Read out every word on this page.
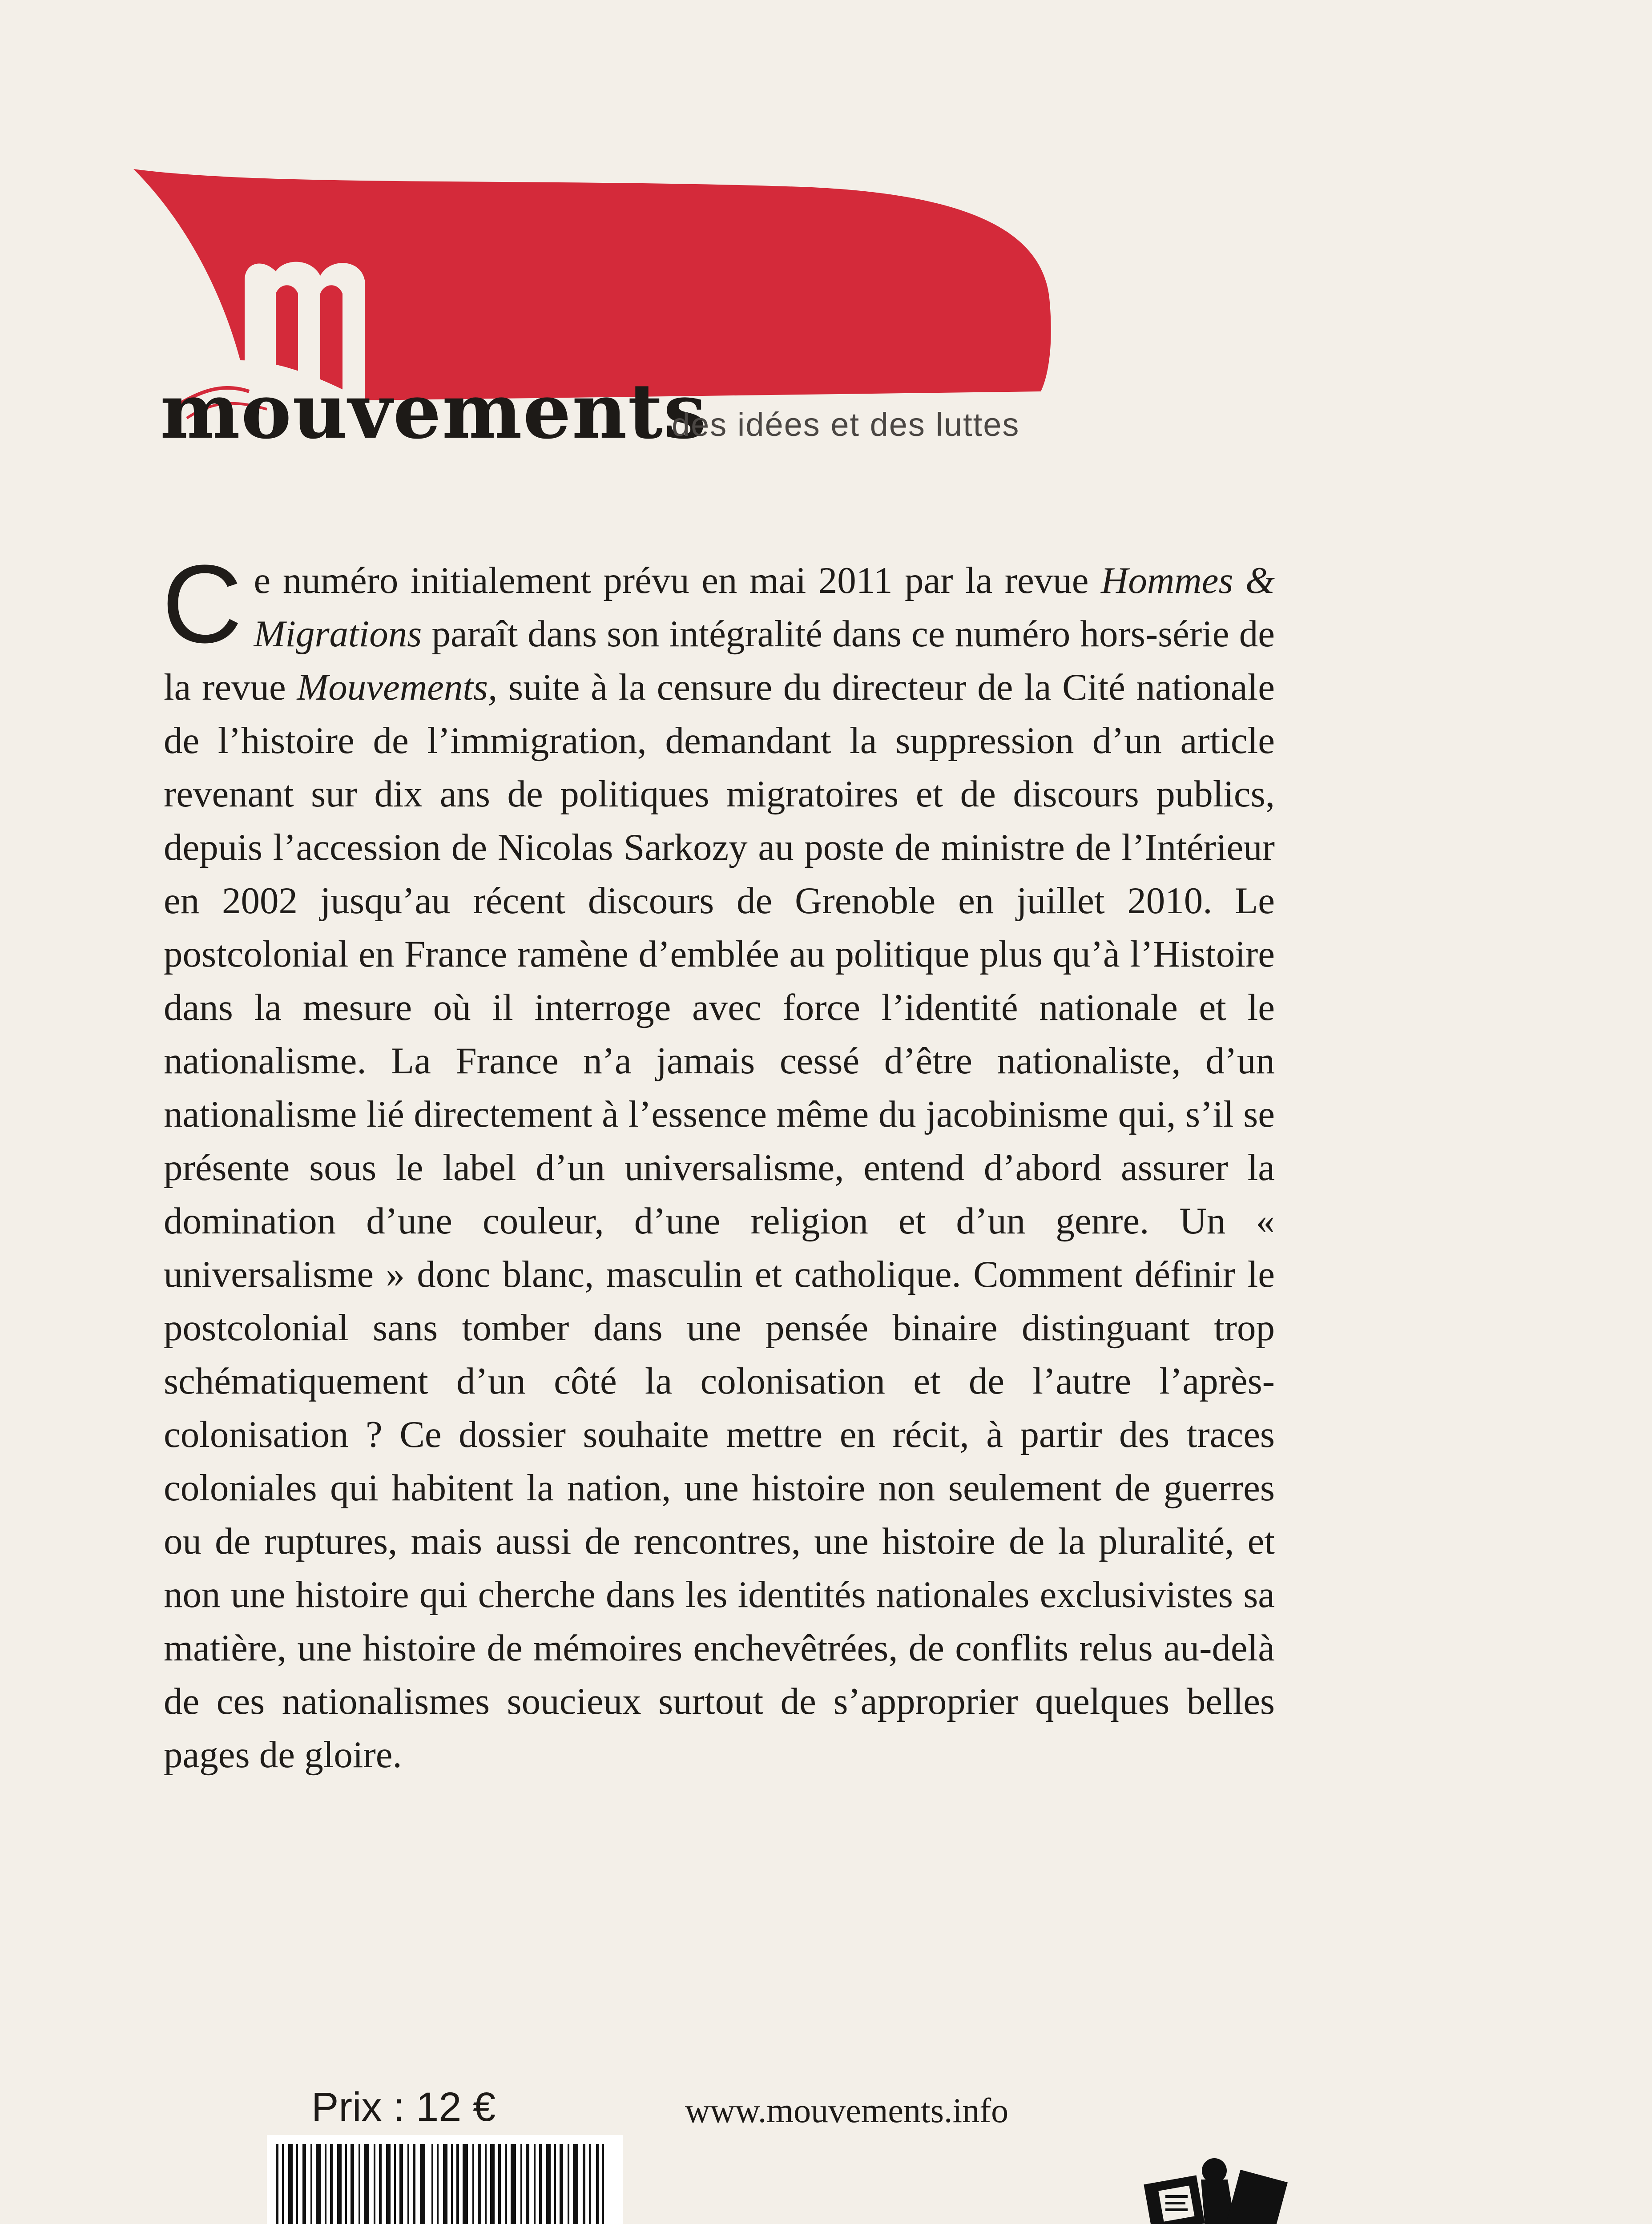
mouvements
des idées et des luttes
Ce numéro initialement prévu en mai 2011 par la revue Hommes & Migrations paraît dans son intégralité dans ce numéro hors-série de la revue Mouvements, suite à la censure du directeur de la Cité nationale de l’histoire de l’immigration, demandant la suppression d’un article revenant sur dix ans de politiques migratoires et de discours publics, depuis l’accession de Nicolas Sarkozy au poste de ministre de l’Intérieur en 2002 jusqu’au récent discours de Grenoble en juillet 2010. Le postcolonial en France ramène d’emblée au politique plus qu’à l’Histoire dans la mesure où il interroge avec force l’identité nationale et le nationalisme. La France n’a jamais cessé d’être nationaliste, d’un nationalisme lié directement à l’essence même du jacobinisme qui, s’il se présente sous le label d’un universalisme, entend d’abord assurer la domination d’une couleur, d’une religion et d’un genre. Un « universalisme » donc blanc, masculin et catholique. Comment définir le postcolonial sans tomber dans une pensée binaire distinguant trop schématiquement d’un côté la colonisation et de l’autre l’après-colonisation ? Ce dossier souhaite mettre en récit, à partir des traces coloniales qui habitent la nation, une histoire non seulement de guerres ou de ruptures, mais aussi de rencontres, une histoire de la pluralité, et non une histoire qui cherche dans les identités nationales exclusivistes sa matière, une histoire de mémoires enchevêtrées, de conflits relus au-delà de ces nationalismes soucieux surtout de s’approprier quelques belles pages de gloire.
Prix : 12 €	www.mouvements.info
